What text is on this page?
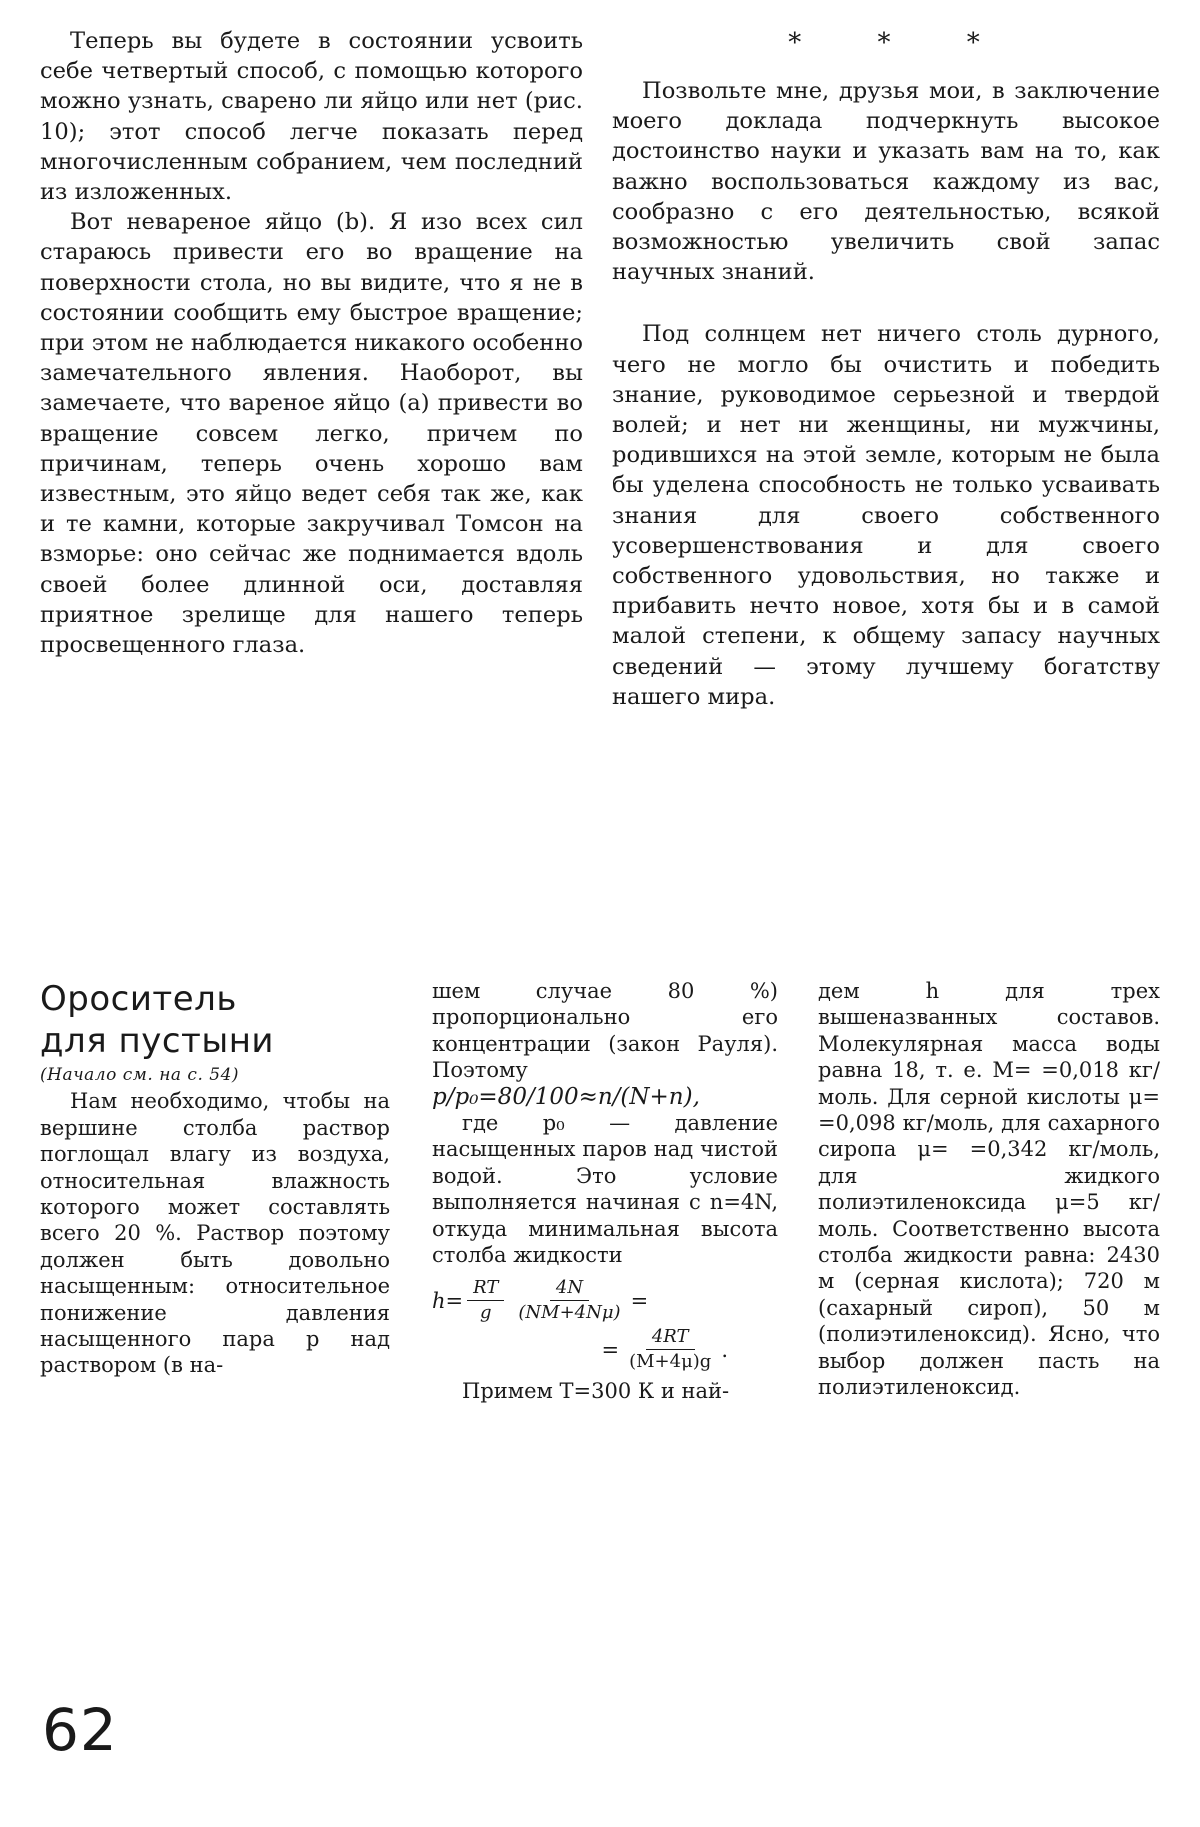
Теперь вы будете в состоянии усвоить себе четвертый способ, с помощью которого можно узнать, сварено ли яйцо или нет (рис. 10); этот способ легче показать перед многочисленным собранием, чем последний из изложенных.

Вот невареное яйцо (b). Я изо всех сил стараюсь привести его во вращение на поверхности стола, но вы видите, что я не в состоянии сообщить ему быстрое вращение; при этом не наблюдается никакого особенно замечательного явления. Наоборот, вы замечаете, что вареное яйцо (a) привести во вращение совсем легко, причем по причинам, теперь очень хорошо вам известным, это яйцо ведет себя так же, как и те камни, которые закручивал Томсон на взморье: оно сейчас же поднимается вдоль своей более длинной оси, доставляя приятное зрелище для нашего теперь просвещенного глаза.

* * *

Позвольте мне, друзья мои, в заключение моего доклада подчеркнуть высокое достоинство науки и указать вам на то, как важно воспользоваться каждому из вас, сообразно с его деятельностью, всякой возможностью увеличить свой запас научных знаний.

Под солнцем нет ничего столь дурного, чего не могло бы очистить и победить знание, руководимое серьезной и твердой волей; и нет ни женщины, ни мужчины, родившихся на этой земле, которым не была бы уделена способность не только усваивать знания для своего собственного усовершенствования и для своего собственного удовольствия, но также и прибавить нечто новое, хотя бы и в самой малой степени, к общему запасу научных сведений — этому лучшему богатству нашего мира.

Ороситель
для пустыни

(Начало см. на с. 54)

Нам необходимо, чтобы на вершине столба раствор поглощал влагу из воздуха, относительная влажность которого может составлять всего 20 %. Раствор поэтому должен быть довольно насыщенным: относительное понижение давления насыщенного пара p над раствором (в на-

шем случае 80 %) пропорционально его концентрации (закон Рауля). Поэтому

p/p₀=80/100≈n/(N+n),

где p₀ — давление насыщенных паров над чистой водой. Это условие выполняется начиная с n=4N, откуда минимальная высота столба жидкости

$h= \frac{RT}{g} \frac{4N}{(NM+4N\mu)}$ =
= $\frac{4RT}{(M+4\mu)g}$ .

Примем T=300 К и най-

дем h для трех вышеназванных составов. Молекулярная масса воды равна 18, т. е. M= =0,018 кг/моль. Для серной кислоты μ= =0,098 кг/моль, для сахарного сиропа μ= =0,342 кг/моль, для жидкого полиэтиленоксида μ=5 кг/моль. Соответственно высота столба жидкости равна: 2430 м (серная кислота); 720 м (сахарный сироп), 50 м (полиэтиленоксид). Ясно, что выбор должен пасть на полиэтиленоксид.

62
